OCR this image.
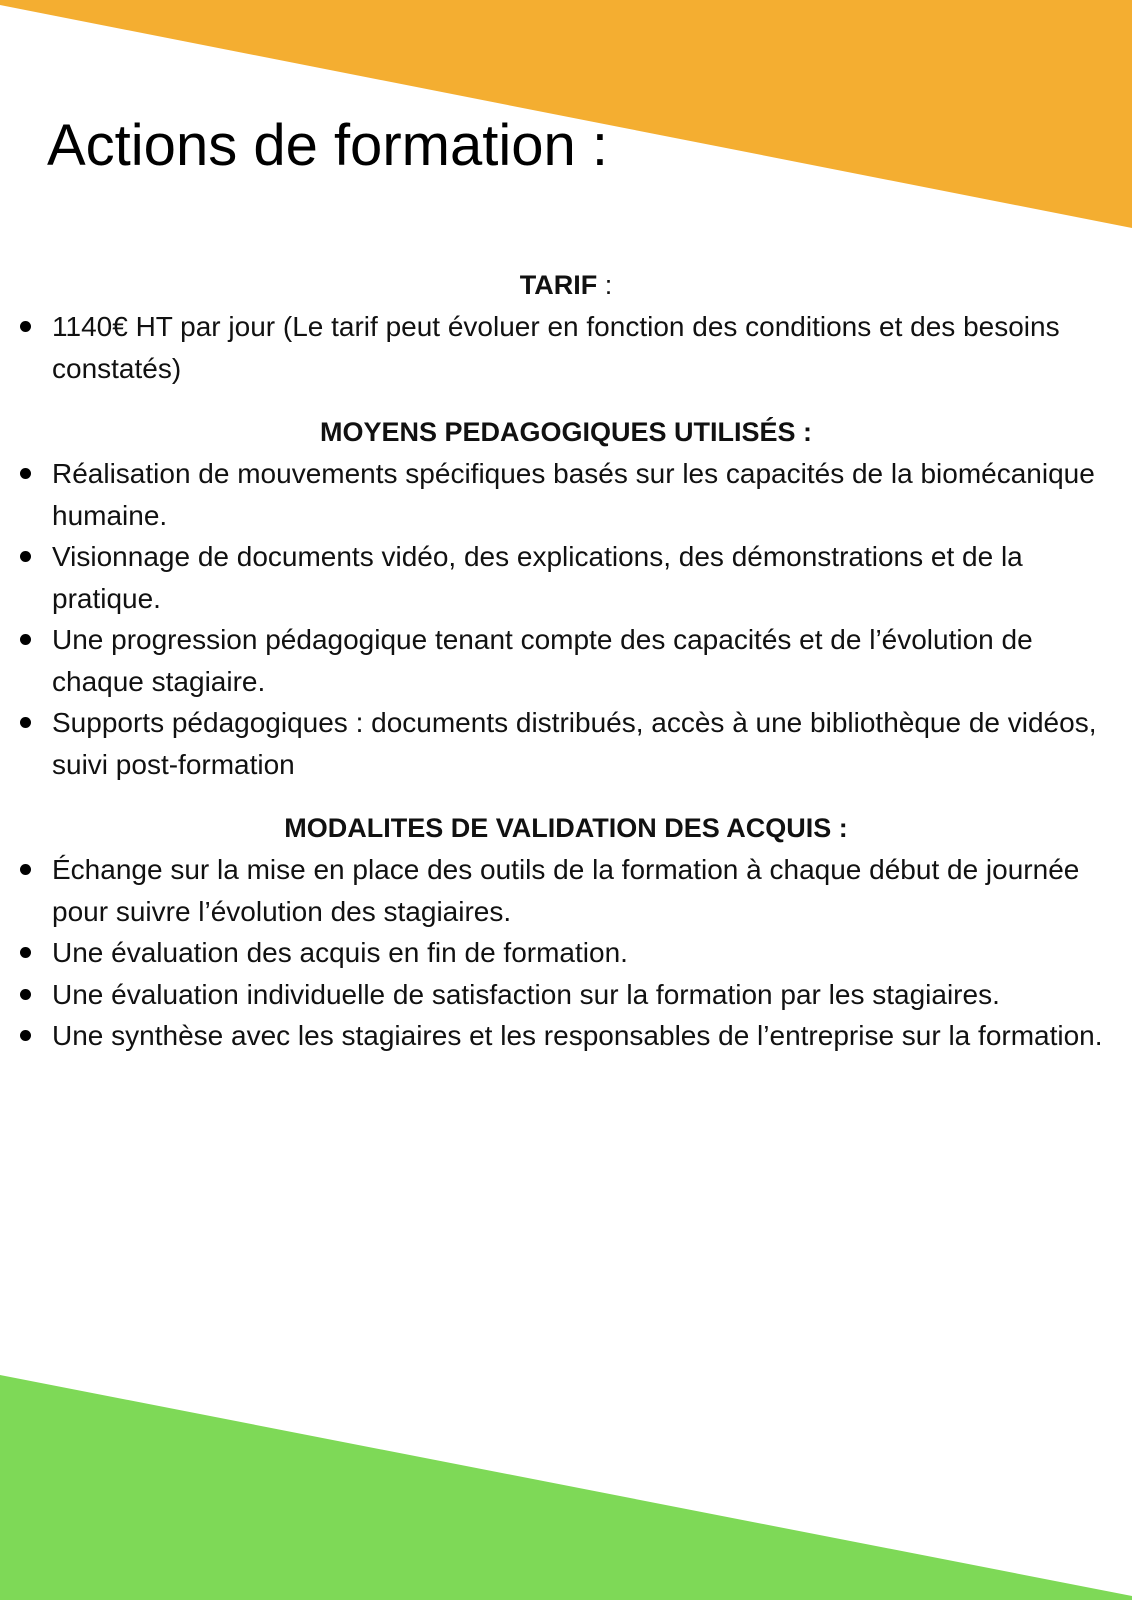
Actions de formation :

TARIF :

1140€ HT par jour (Le tarif peut évoluer en fonction des conditions et des besoins constatés)

MOYENS PEDAGOGIQUES UTILISÉS :

Réalisation de mouvements spécifiques basés sur les capacités de la biomécanique humaine.
Visionnage de documents vidéo, des explications, des démonstrations et de la pratique.
Une progression pédagogique tenant compte des capacités et de l’évolution de chaque stagiaire.
Supports pédagogiques : documents distribués, accès à une bibliothèque de vidéos, suivi post-formation

MODALITES DE VALIDATION DES ACQUIS :

Échange sur la mise en place des outils de la formation à chaque début de journée pour suivre l’évolution des stagiaires.
Une évaluation des acquis en fin de formation.
Une évaluation individuelle de satisfaction sur la formation par les stagiaires.
Une synthèse avec les stagiaires et les responsables de l’entreprise sur la formation.
